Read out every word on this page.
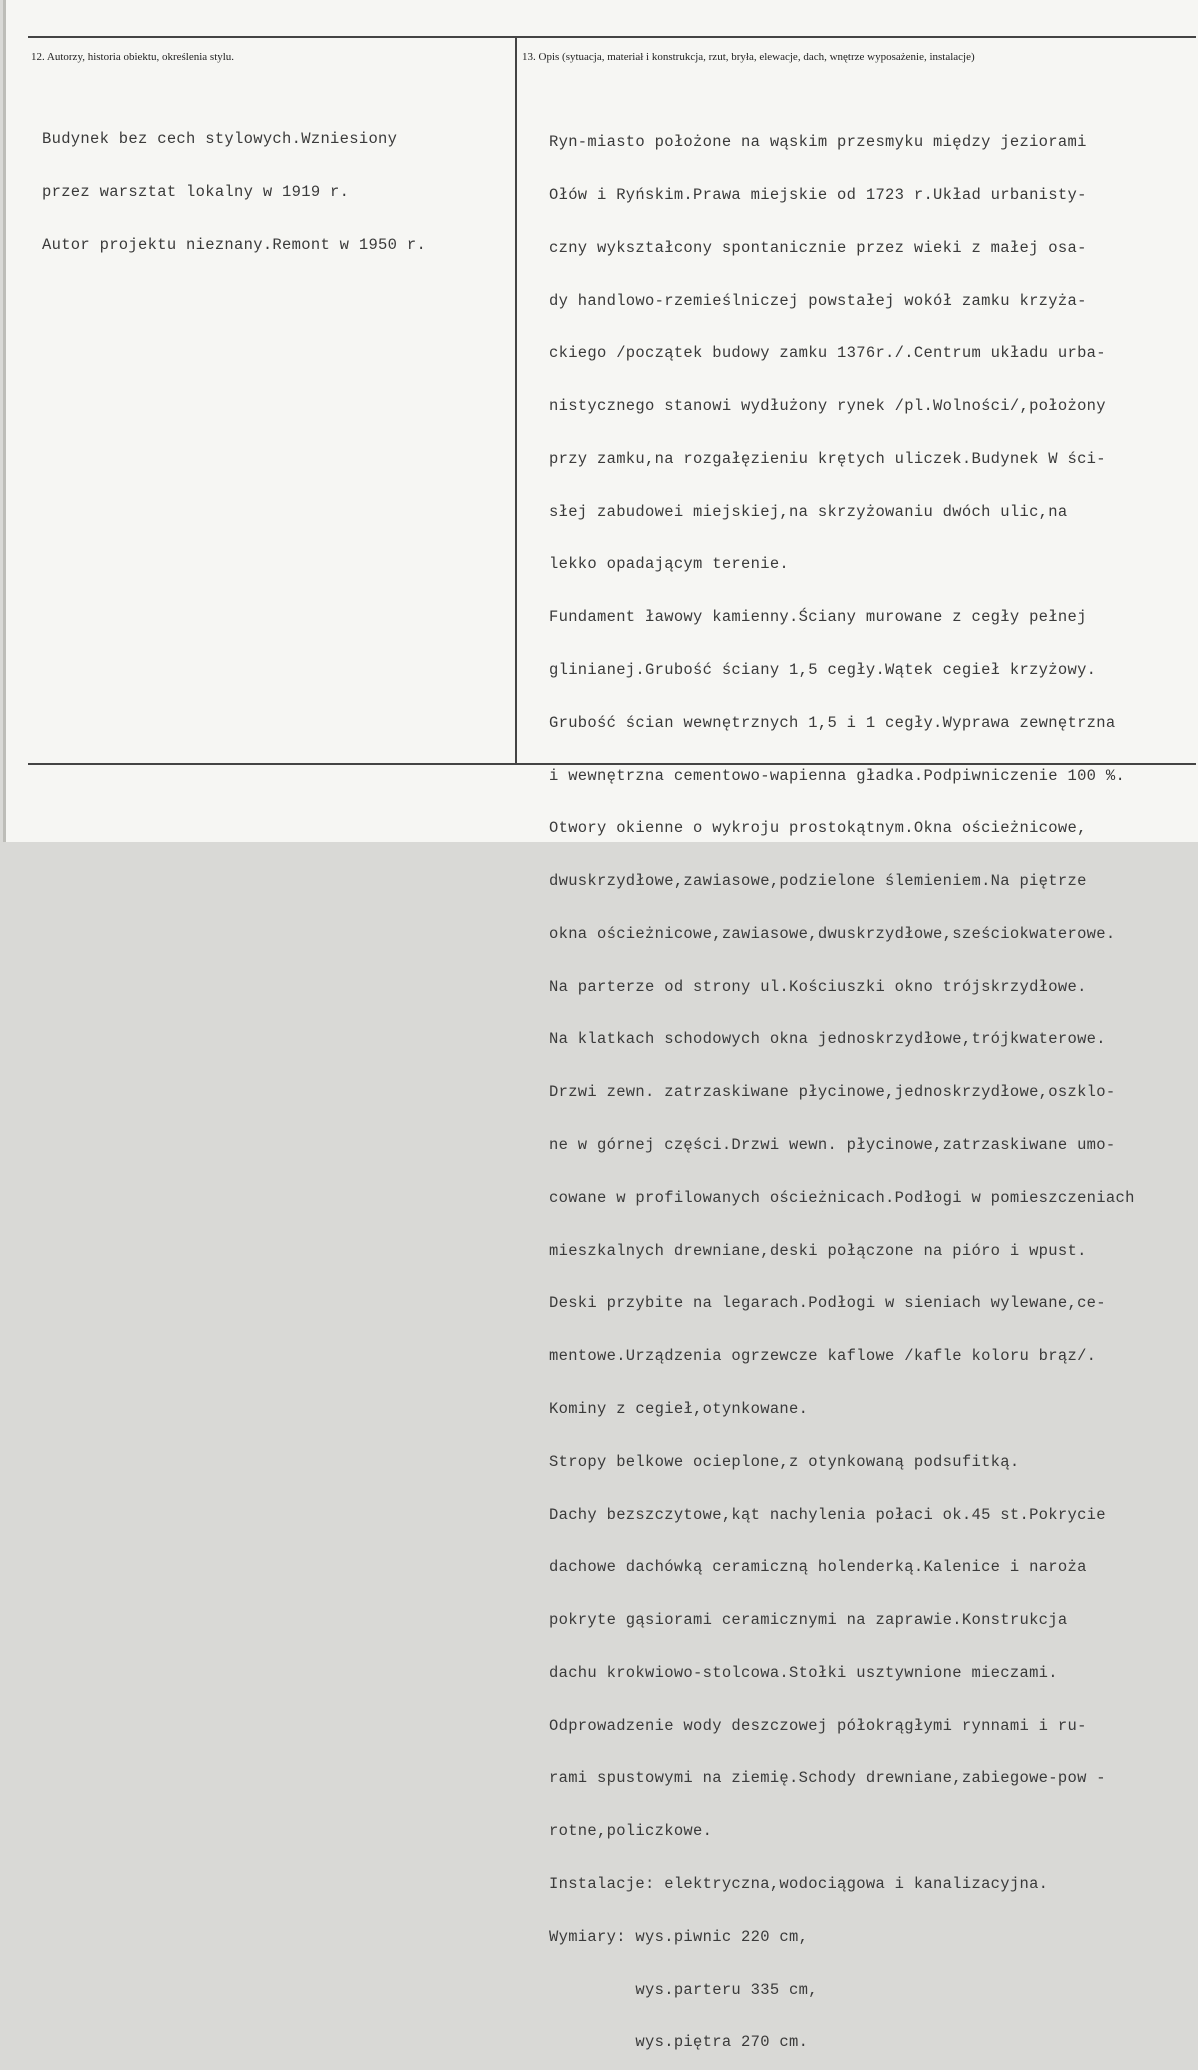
12. Autorzy, historia obiektu, określenia stylu.	13. Opis (sytuacja, materiał i konstrukcja, rzut, bryła, elewacje, dach, wnętrze wyposażenie, instalacje)

Budynek bez cech stylowych.Wzniesiony

przez warsztat lokalny w 1919 r.

Autor projektu nieznany.Remont w 1950 r.

Ryn-miasto położone na wąskim przesmyku między jeziorami

Ołów i Ryńskim.Prawa miejskie od 1723 r.Układ urbanisty-

czny wykształcony spontanicznie przez wieki z małej osa-

dy handlowo-rzemieślniczej powstałej wokół zamku krzyża-

ckiego /początek budowy zamku 1376r./.Centrum układu urba-

nistycznego stanowi wydłużony rynek /pl.Wolności/,położony

przy zamku,na rozgałęzieniu krętych uliczek.Budynek W ści-

słej zabudowei miejskiej,na skrzyżowaniu dwóch ulic,na

lekko opadającym terenie.

Fundament ławowy kamienny.Ściany murowane z cegły pełnej

glinianej.Grubość ściany 1,5 cegły.Wątek cegieł krzyżowy.

Grubość ścian wewnętrznych 1,5 i 1 cegły.Wyprawa zewnętrzna

i wewnętrzna cementowo-wapienna gładka.Podpiwniczenie 100 %.

Otwory okienne o wykroju prostokątnym.Okna ościeżnicowe,

dwuskrzydłowe,zawiasowe,podzielone ślemieniem.Na piętrze

okna ościeżnicowe,zawiasowe,dwuskrzydłowe,sześciokwaterowe.

Na parterze od strony ul.Kościuszki okno trójskrzydłowe.

Na klatkach schodowych okna jednoskrzydłowe,trójkwaterowe.

Drzwi zewn. zatrzaskiwane płycinowe,jednoskrzydłowe,oszklo-

ne w górnej części.Drzwi wewn. płycinowe,zatrzaskiwane umo-

cowane w profilowanych ościeżnicach.Podłogi w pomieszczeniach

mieszkalnych drewniane,deski połączone na pióro i wpust.

Deski przybite na legarach.Podłogi w sieniach wylewane,ce-

mentowe.Urządzenia ogrzewcze kaflowe /kafle koloru brąz/.

Kominy z cegieł,otynkowane.

Stropy belkowe ocieplone,z otynkowaną podsufitką.

Dachy bezszczytowe,kąt nachylenia połaci ok.45 st.Pokrycie

dachowe dachówką ceramiczną holenderką.Kalenice i naroża

pokryte gąsiorami ceramicznymi na zaprawie.Konstrukcja

dachu krokwiowo-stolcowa.Stołki usztywnione mieczami.

Odprowadzenie wody deszczowej półokrągłymi rynnami i ru-

rami spustowymi na ziemię.Schody drewniane,zabiegowe-pow -

rotne,policzkowe.

Instalacje: elektryczna,wodociągowa i kanalizacyjna.

Wymiary: wys.piwnic 220 cm,

wys.parteru 335 cm,

wys.piętra 270 cm.
